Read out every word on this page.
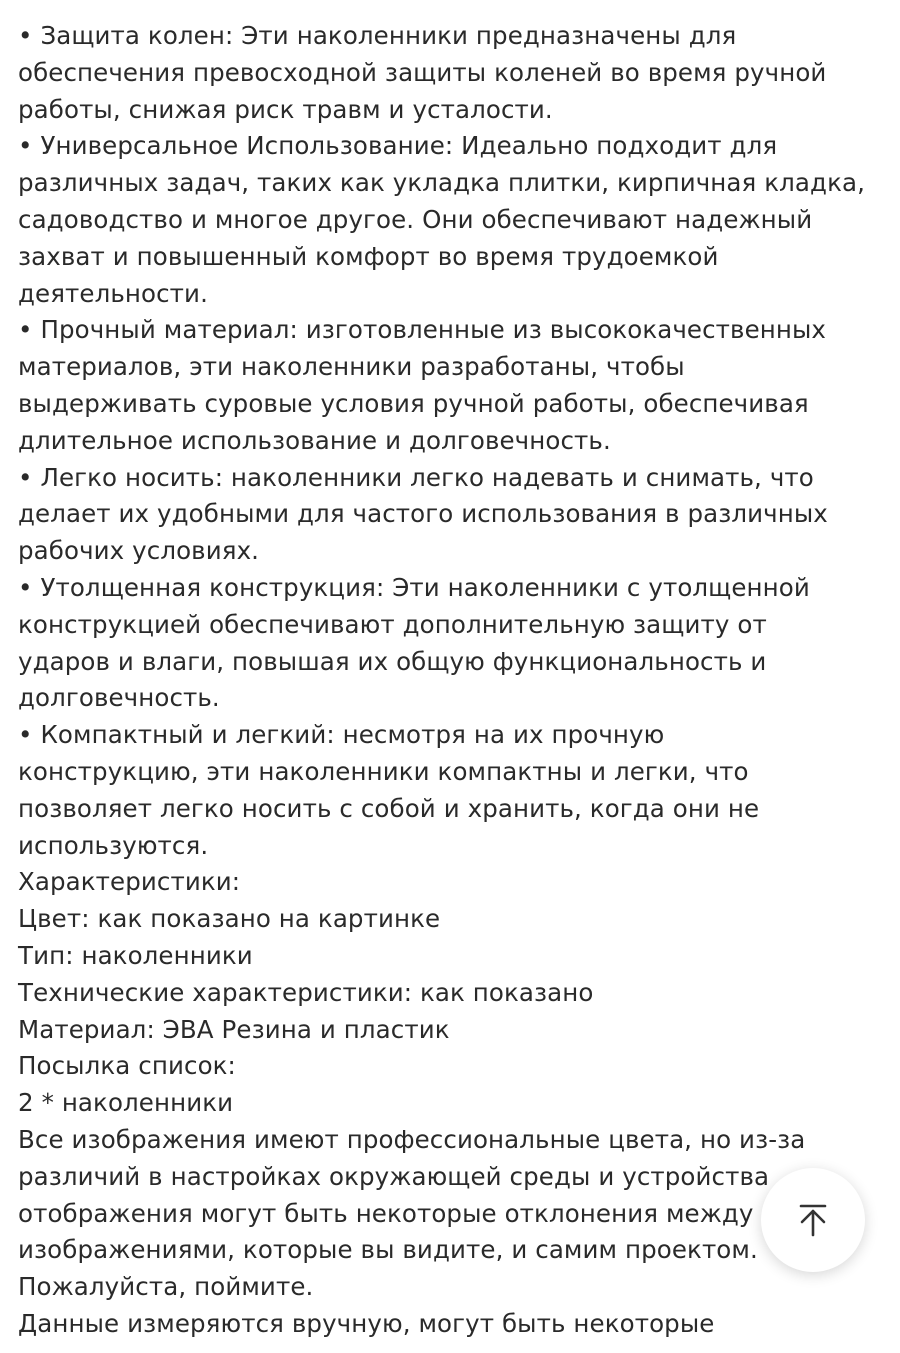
• Защита колен: Эти наколенники предназначены для
обеспечения превосходной защиты коленей во время ручной
работы, снижая риск травм и усталости.
• Универсальное Использование: Идеально подходит для
различных задач, таких как укладка плитки, кирпичная кладка,
садоводство и многое другое. Они обеспечивают надежный
захват и повышенный комфорт во время трудоемкой
деятельности.
• Прочный материал: изготовленные из высококачественных
материалов, эти наколенники разработаны, чтобы
выдерживать суровые условия ручной работы, обеспечивая
длительное использование и долговечность.
• Легко носить: наколенники легко надевать и снимать, что
делает их удобными для частого использования в различных
рабочих условиях.
• Утолщенная конструкция: Эти наколенники с утолщенной
конструкцией обеспечивают дополнительную защиту от
ударов и влаги, повышая их общую функциональность и
долговечность.
• Компактный и легкий: несмотря на их прочную
конструкцию, эти наколенники компактны и легки, что
позволяет легко носить с собой и хранить, когда они не
используются.
Характеристики:
Цвет: как показано на картинке
Тип: наколенники
Технические характеристики: как показано
Материал: ЭВА Резина и пластик
Посылка список:
2 * наколенники
Все изображения имеют профессиональные цвета, но из-за
различий в настройках окружающей среды и устройства
отображения могут быть некоторые отклонения между
изображениями, которые вы видите, и самим проектом.
Пожалуйста, поймите.
Данные измеряются вручную, могут быть некоторые
